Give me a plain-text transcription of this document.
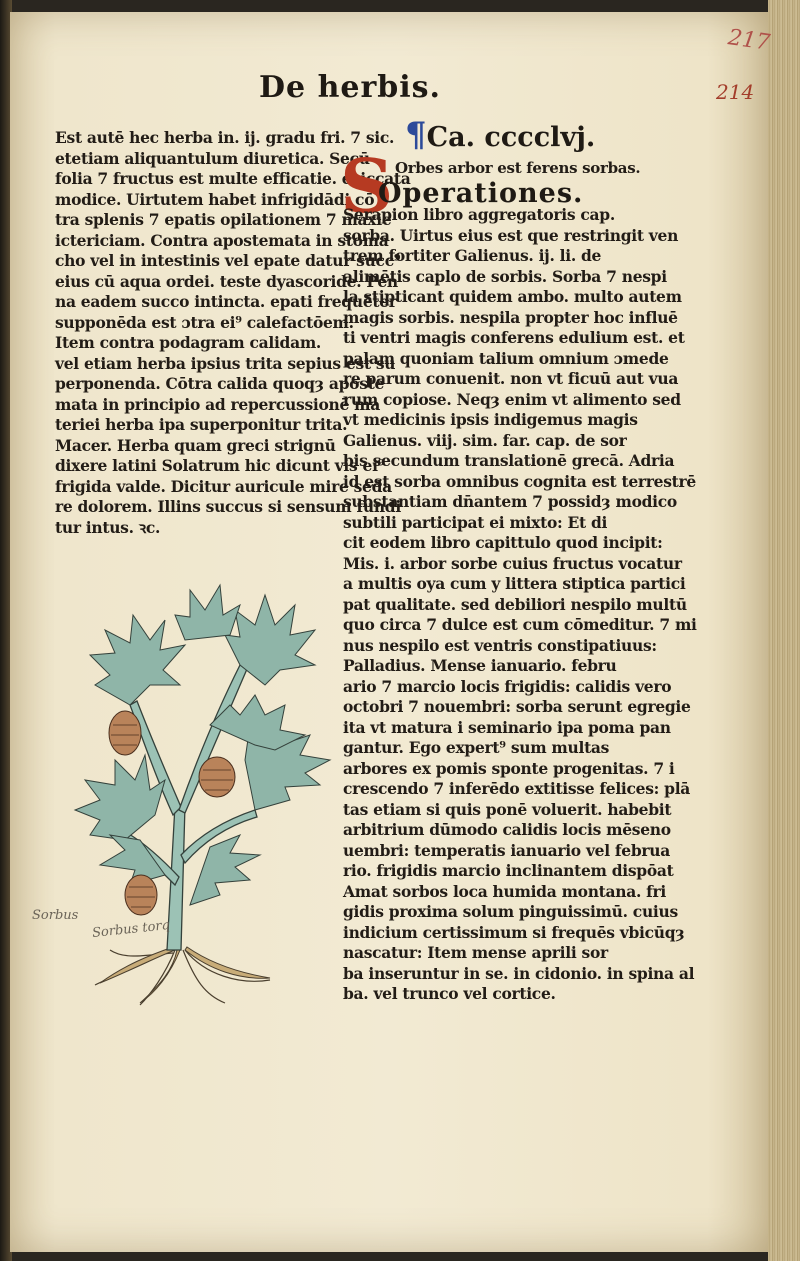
217
214
De herbis.
Est autē hec herba in. ij. gradu fri. 7 sic.
etetiam aliquantulum diuretica. Secū
folia 7 fructus est multe efficatie. exiccata
modice. Uirtutem habet infrigidādi cō
tra splenis 7 epatis opilationem 7 maxie
ictericiam. Contra apostemata in stoma
cho vel in intestinis vel epate datur succ⁹
eius cū aqua ordei. teste dyascoride. Pen
na eadem succo intincta. epati frequēter
supponēda est ɔtra ei⁹ calefactōem.
Item contra podagram calidam.
vel etiam herba ipsius trita sepius est su
perponenda. Cōtra calida quoqȝ aposte
mata in principio ad repercussionē ma
teriei herba ipa superponitur trita.
Macer. Herba quam greci strignū
dixere latini Solatrum hic dicunt vis ei⁹
frigida valde. Dicitur auricule mire seda
re dolorem. Illins succus si sensum fundi
tur intus. ꝛc.
¶Ca. cccclvj.
S Orbes arbor est ferens sorbas.
Operationes.
Serapion libro aggregatoris cap.
sorba. Uirtus eius est que restringit ven
trem fortiter Galienus. ij. li. de
alimētis caplo de sorbis. Sorba 7 nespi
la stipticant quidem ambo. multo autem
magis sorbis. nespila propter hoc influē
ti ventri magis conferens edulium est. et
palam quoniam talium omnium ɔmede
re parum conuenit. non vt ficuū aut vua
rum copiose. Neqȝ enim vt alimento sed
vt medicinis ipsis indigemus magis
Galienus. viij. sim. far. cap. de sor
bis secundum translationē grecā. Adria
id est sorba omnibus cognita est terrestrē
substantiam dn̄antem 7 possidȝ modico
subtili participat ei mixto: Et di
cit eodem libro capittulo quod incipit:
Mis. i. arbor sorbe cuius fructus vocatur
a multis oya cum y littera stiptica partici
pat qualitate. sed debiliori nespilo multū
quo circa 7 dulce est cum cōmeditur. 7 mi
nus nespilo est ventris constipatiuus:
Palladius. Mense ianuario. febru
ario 7 marcio locis frigidis: calidis vero
octobri 7 nouembri: sorba serunt egregie
ita vt matura i seminario ipa poma pan
gantur. Ego expert⁹ sum multas
arbores ex pomis sponte progenitas. 7 i
crescendo 7 inferēdo extitisse felices: plā
tas etiam si quis ponē voluerit. habebit
arbitrium dūmodo calidis locis mēseno
uembri: temperatis ianuario vel februa
rio. frigidis marcio inclinantem dispōat
Amat sorbos loca humida montana. fri
gidis proxima solum pinguissimū. cuius
indicium certissimum si frequēs vbicūqȝ
nascatur: Item mense aprili sor
ba inseruntur in se. in cidonio. in spina al
ba. vel trunco vel cortice.
Sorbus
Sorbus torq
